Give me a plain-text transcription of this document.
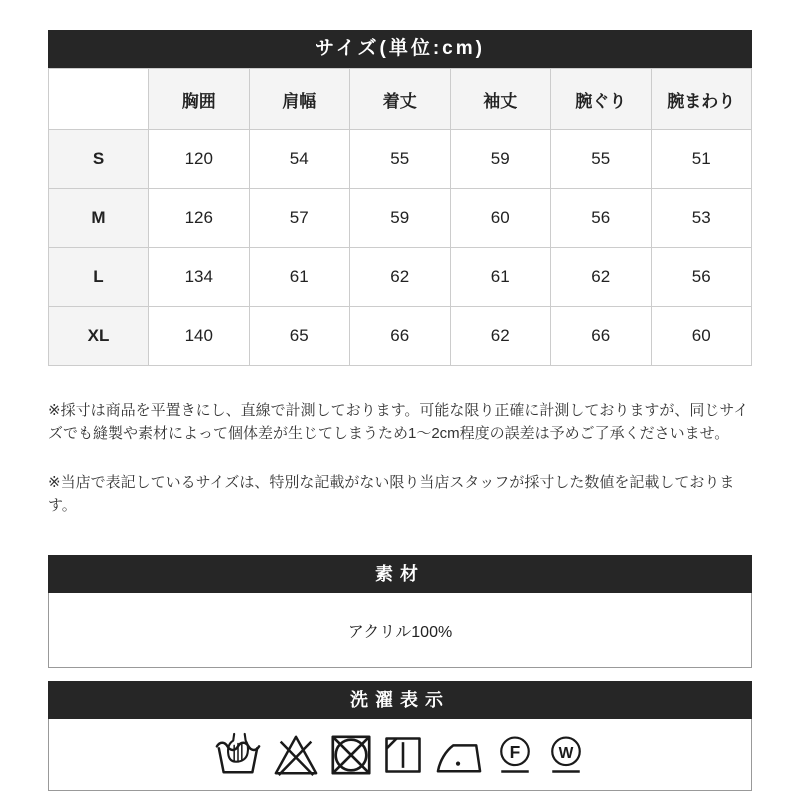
サイズ(単位:cm)
	胸囲	肩幅	着丈	袖丈	腕ぐり	腕まわり
S	120	54	55	59	55	51
M	126	57	59	60	56	53
L	134	61	62	61	62	56
XL	140	65	66	62	66	60

※採寸は商品を平置きにし、直線で計測しております。可能な限り正確に計測しておりますが、同じサイズでも縫製や素材によって個体差が生じてしまうため1〜2cm程度の誤差は予めご了承くださいませ。

※当店で表記しているサイズは、特別な記載がない限り当店スタッフが採寸した数値を記載しております。

素材
アクリル100%
洗濯表示
F W
